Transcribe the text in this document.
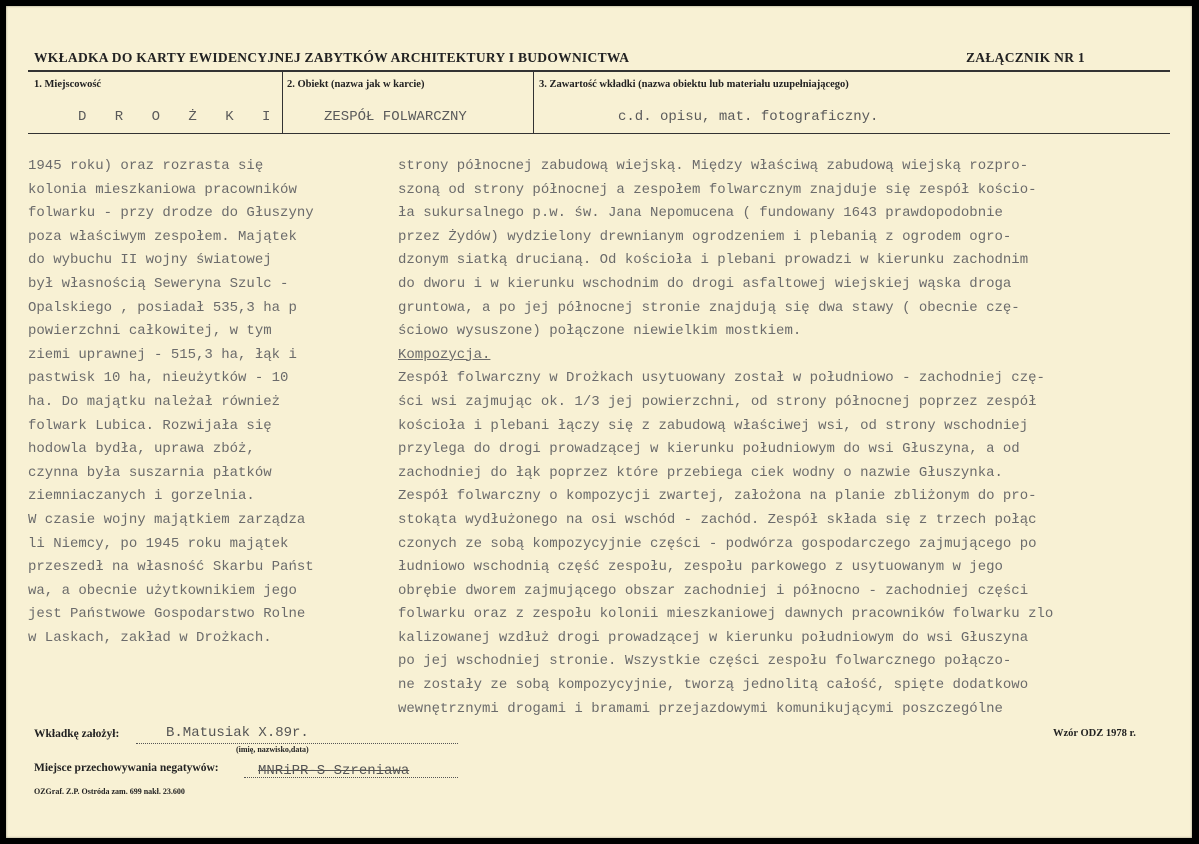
WKŁADKA DO KARTY EWIDENCYJNEJ ZABYTKÓW ARCHITEKTURY I BUDOWNICTWA	ZAŁĄCZNIK NR 1
1. Miejscowość
D R O Ż K I
2. Obiekt (nazwa jak w karcie)
ZESPÓŁ FOLWARCZNY
3. Zawartość wkładki (nazwa obiektu lub materiału uzupełniającego)
c.d. opisu, mat. fotograficzny.
1945 roku) oraz rozrasta się
kolonia mieszkaniowa pracowników
folwarku - przy drodze do Głuszyny
poza właściwym zespołem. Majątek
do wybuchu II wojny światowej
był własnością Seweryna Szulc -
Opalskiego , posiadał 535,3 ha p
powierzchni całkowitej, w tym
ziemi uprawnej - 515,3 ha, łąk i
pastwisk 10 ha, nieużytków - 10
ha. Do majątku należał również
folwark Lubica. Rozwijała się
hodowla bydła, uprawa zbóż,
czynna była suszarnia płatków
ziemniaczanych i gorzelnia.
W czasie wojny majątkiem zarządza
li Niemcy, po 1945 roku majątek
przeszedł na własność Skarbu Państ
wa, a obecnie użytkownikiem jego
jest Państwowe Gospodarstwo Rolne
w Laskach, zakład w Drożkach.
strony północnej zabudową wiejską. Między właściwą zabudową wiejską rozpro-
szoną od strony północnej a zespołem folwarcznym znajduje się zespół kościo-
ła sukursalnego p.w. św. Jana Nepomucena ( fundowany 1643 prawdopodobnie
przez Żydów) wydzielony drewnianym ogrodzeniem i plebanią z ogrodem ogro-
dzonym siatką drucianą. Od kościoła i plebani prowadzi w kierunku zachodnim
do dworu i w kierunku wschodnim do drogi asfaltowej wiejskiej wąska droga
gruntowa, a po jej północnej stronie znajdują się dwa stawy ( obecnie czę-
ściowo wysuszone) połączone niewielkim mostkiem.
Kompozycja.
Zespół folwarczny w Drożkach usytuowany został w południowo - zachodniej czę-
ści wsi zajmując ok. 1/3 jej powierzchni, od strony północnej poprzez zespół
kościoła i plebani łączy się z zabudową właściwej wsi, od strony wschodniej
przylega do drogi prowadzącej w kierunku południowym do wsi Głuszyna, a od
zachodniej do łąk poprzez które przebiega ciek wodny o nazwie Głuszynka.
Zespół folwarczny o kompozycji zwartej, założona na planie zbliżonym do pro-
stokąta wydłużonego na osi wschód - zachód. Zespół składa się z trzech połąc
czonych ze sobą kompozycyjnie części - podwórza gospodarczego zajmującego po
łudniowo wschodnią część zespołu, zespołu parkowego z usytuowanym w jego
obrębie dworem zajmującego obszar zachodniej i północno - zachodniej części
folwarku oraz z zespołu kolonii mieszkaniowej dawnych pracowników folwarku zlo
kalizowanej wzdłuż drogi prowadzącej w kierunku południowym do wsi Głuszyna
po jej wschodniej stronie. Wszystkie części zespołu folwarcznego połączo-
ne zostały ze sobą kompozycyjnie, tworzą jednolitą całość, spięte dodatkowo
wewnętrznymi drogami i bramami przejazdowymi komunikującymi poszczególne
Wkładkę założył:	B.Matusiak X.89r.
(imię, nazwisko,data)
Wzór ODZ 1978 r.
Miejsce przechowywania negatywów:	MNRiPR-S Szreniawa
OZGraf. Z.P. Ostróda zam. 699 nakł. 23.600
